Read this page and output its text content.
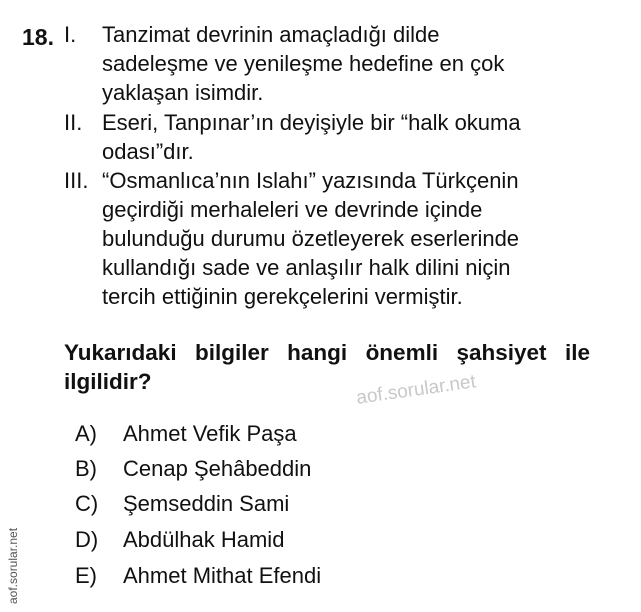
18. I. Tanzimat devrinin amaçladığı dilde
sadeleşme ve yenileşme hedefine en çok
yaklaşan isimdir.
II. Eseri, Tanpınar’ın deyişiyle bir “halk okuma
odası”dır.
III. “Osmanlıca’nın Islahı” yazısında Türkçenin
geçirdiği merhaleleri ve devrinde içinde
bulunduğu durumu özetleyerek eserlerinde
kullandığı sade ve anlaşılır halk dilini niçin
tercih ettiğinin gerekçelerini vermiştir.
Yukarıdaki bilgiler hangi önemli şahsiyet ile
ilgilidir?	aof.sorular.net
A) Ahmet Vefik Paşa
B) Cenap Şehâbeddin
C) Şemseddin Sami
D) Abdülhak Hamid
E) Ahmet Mithat Efendi
aof.sorular.net
